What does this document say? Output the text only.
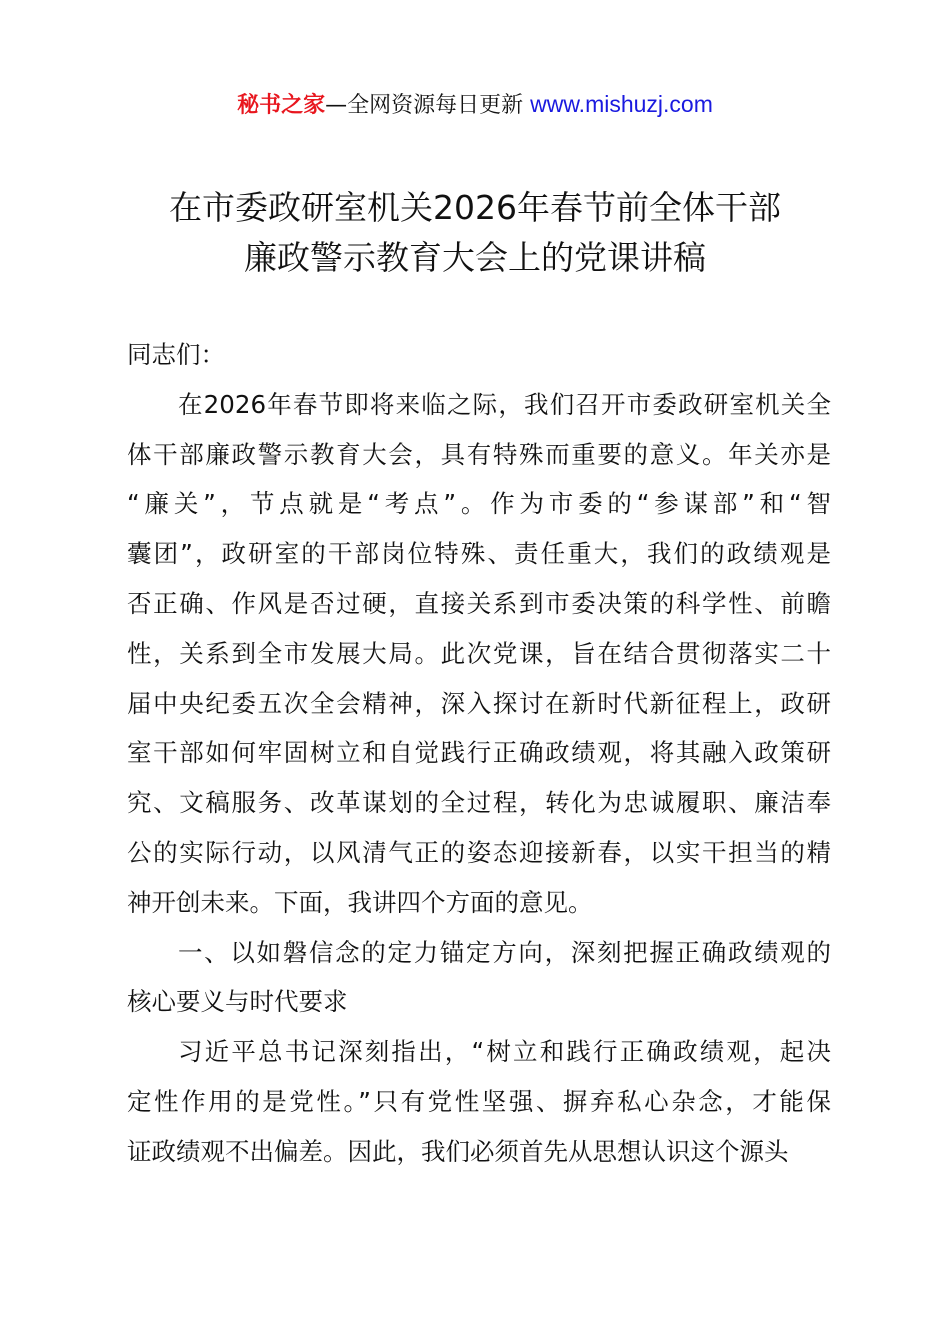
秘书之家—全网资源每日更新 www.mishuzj.com
在市委政研室机关2026年春节前全体干部
廉政警示教育大会上的党课讲稿
同志们：
在2026年春节即将来临之际，我们召开市委政研室机关全
体干部廉政警示教育大会，具有特殊而重要的意义。年关亦是
“廉关”，节点就是“考点”。作为市委的“参谋部”和“智
囊团”，政研室的干部岗位特殊、责任重大，我们的政绩观是
否正确、作风是否过硬，直接关系到市委决策的科学性、前瞻
性，关系到全市发展大局。此次党课，旨在结合贯彻落实二十
届中央纪委五次全会精神，深入探讨在新时代新征程上，政研
室干部如何牢固树立和自觉践行正确政绩观，将其融入政策研
究、文稿服务、改革谋划的全过程，转化为忠诚履职、廉洁奉
公的实际行动，以风清气正的姿态迎接新春，以实干担当的精
神开创未来。下面，我讲四个方面的意见。
一、以如磐信念的定力锚定方向，深刻把握正确政绩观的
核心要义与时代要求
习近平总书记深刻指出，“树立和践行正确政绩观，起决
定性作用的是党性。”只有党性坚强、摒弃私心杂念，才能保
证政绩观不出偏差。因此，我们必须首先从思想认识这个源头
